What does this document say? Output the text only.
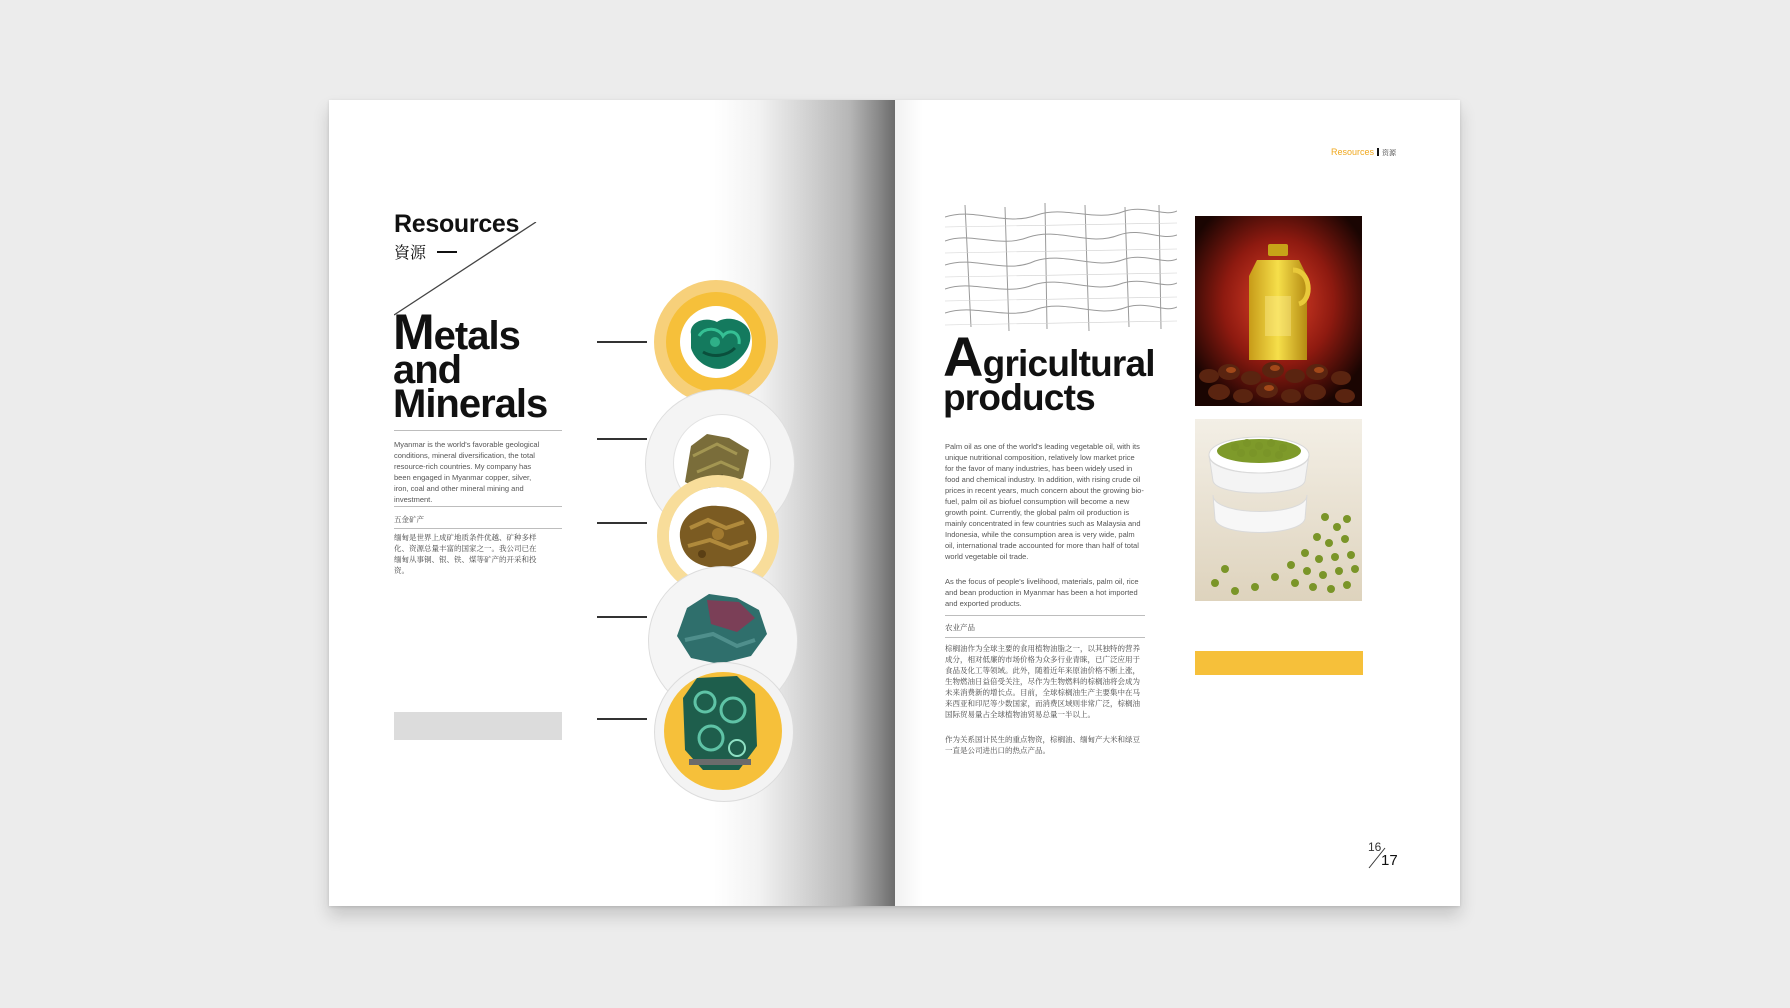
Resources
資源
Metals
and
Minerals
Myanmar is the world's favorable geological conditions, mineral diversification, the total resource-rich countries. My company has been engaged in Myanmar copper, silver, iron, coal and other mineral mining and investment.
五金矿产
缅甸是世界上成矿地质条件优越、矿种多样化、资源总量丰富的国家之一。我公司已在缅甸从事铜、银、铁、煤等矿产的开采和投资。
Resources 资源
Agricultural
products
Palm oil as one of the world's leading vegetable oil, with its unique nutritional composition, relatively low market price for the favor of many industries, has been widely used in food and chemical industry. In addition, with rising crude oil prices in recent years, much concern about the growing bio-fuel, palm oil as biofuel consumption will become a new growth point. Currently, the global palm oil production is mainly concentrated in few countries such as Malaysia and Indonesia, while the consumption area is very wide, palm oil, international trade accounted for more than half of total world vegetable oil trade.
As the focus of people's livelihood, materials, palm oil, rice and bean production in Myanmar has been a hot imported and exported products.
农业产品
棕榈油作为全球主要的食用植物油脂之一，以其独特的营养成分，相对低廉的市场价格为众多行业青睐，已广泛应用于食品及化工等领域。此外，随着近年来原油价格不断上涨，生物燃油日益倍受关注，尽作为生物燃料的棕榈油将会成为未来消费新的增长点。目前，全球棕榈油生产主要集中在马来西亚和印尼等少数国家，而消费区域则非常广泛，棕榈油国际贸易量占全球植物油贸易总量一半以上。
作为关系国计民生的重点物资，棕榈油、缅甸产大米和绿豆一直是公司进出口的热点产品。
16
17
